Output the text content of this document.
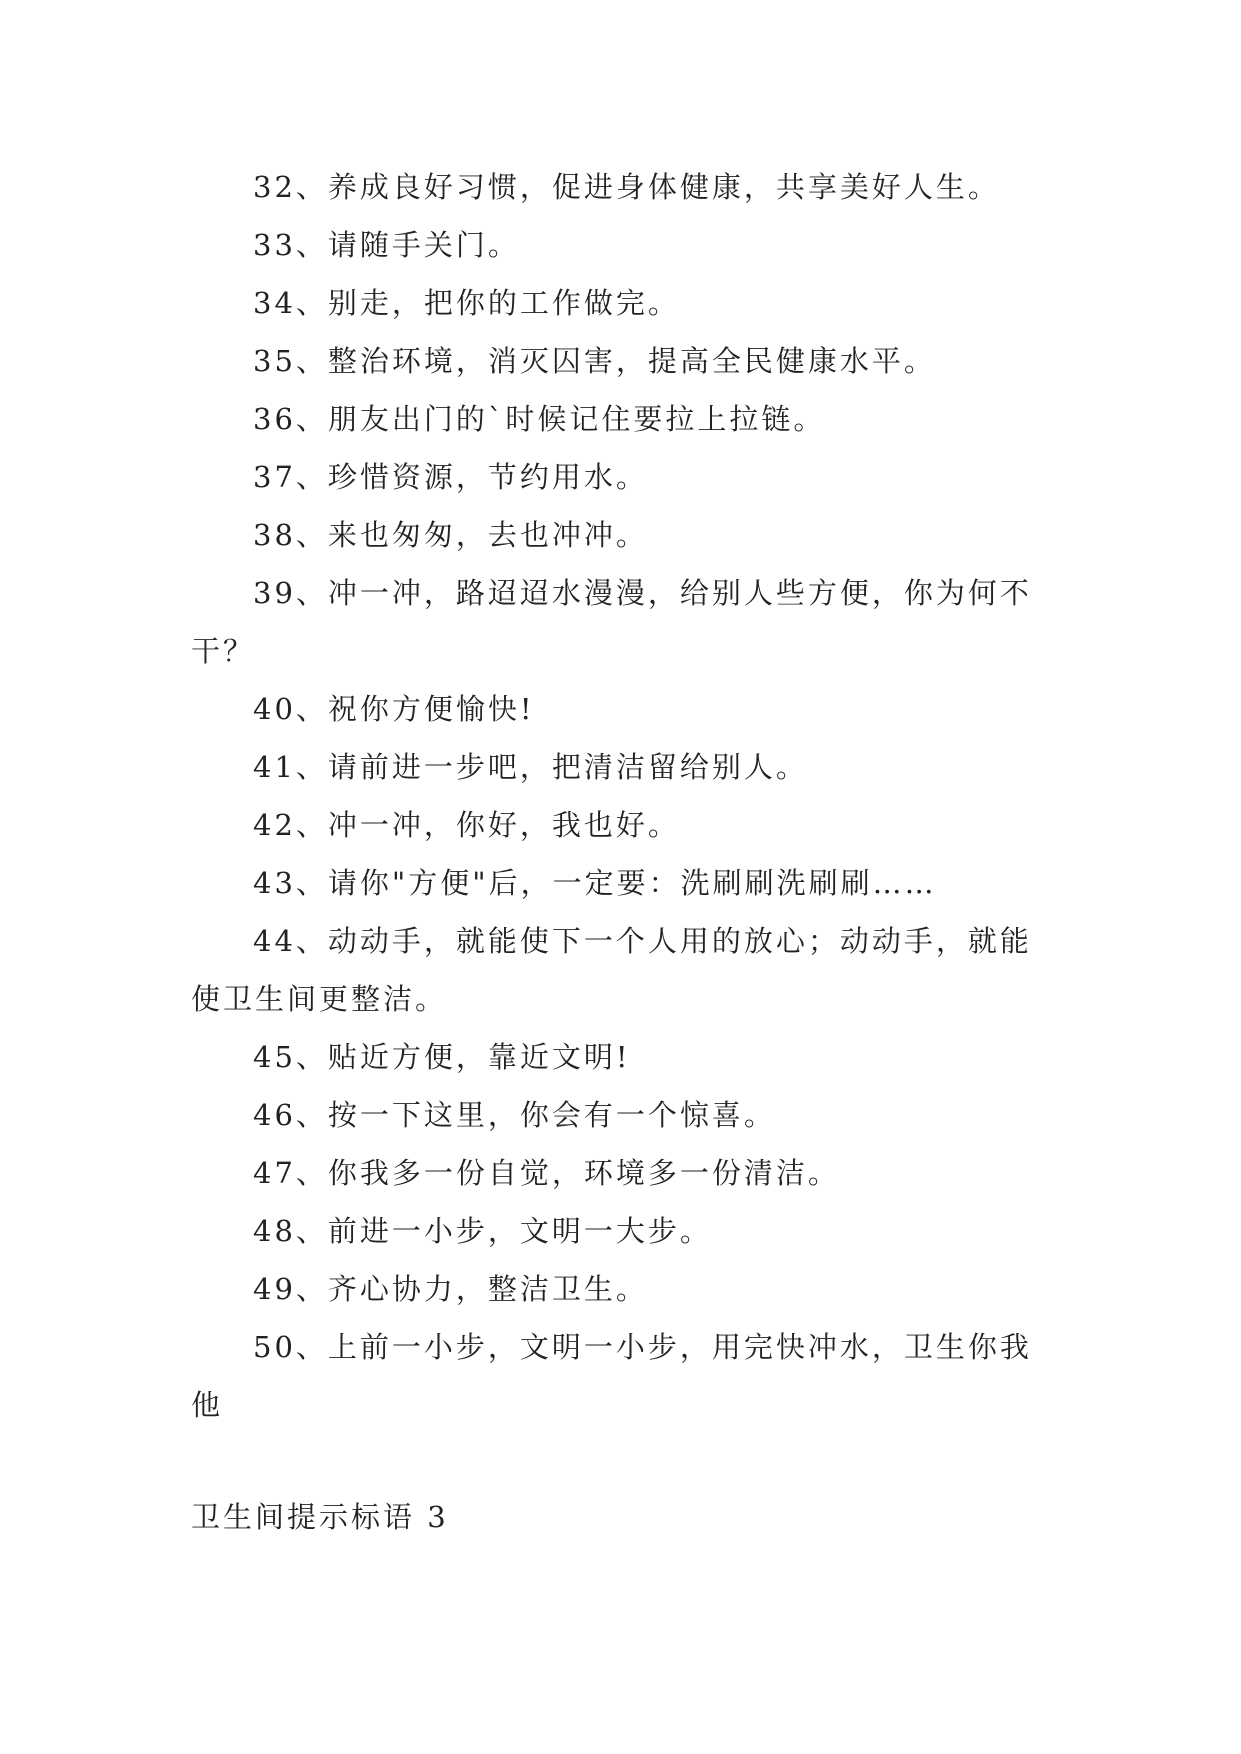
32、养成良好习惯，促进身体健康，共享美好人生。
33、请随手关门。
34、别走，把你的工作做完。
35、整治环境，消灭囚害，提高全民健康水平。
36、朋友出门的`时候记住要拉上拉链。
37、珍惜资源，节约用水。
38、来也匆匆，去也冲冲。
39、冲一冲，路迢迢水漫漫，给别人些方便，你为何不
干？
40、祝你方便愉快!
41、请前进一步吧，把清洁留给别人。
42、冲一冲，你好，我也好。
43、请你"方便"后，一定要：洗刷刷洗刷刷……
44、动动手，就能使下一个人用的放心；动动手，就能
使卫生间更整洁。
45、贴近方便，靠近文明!
46、按一下这里，你会有一个惊喜。
47、你我多一份自觉，环境多一份清洁。
48、前进一小步，文明一大步。
49、齐心协力，整洁卫生。
50、上前一小步，文明一小步，用完快冲水，卫生你我
他
卫生间提示标语 3
